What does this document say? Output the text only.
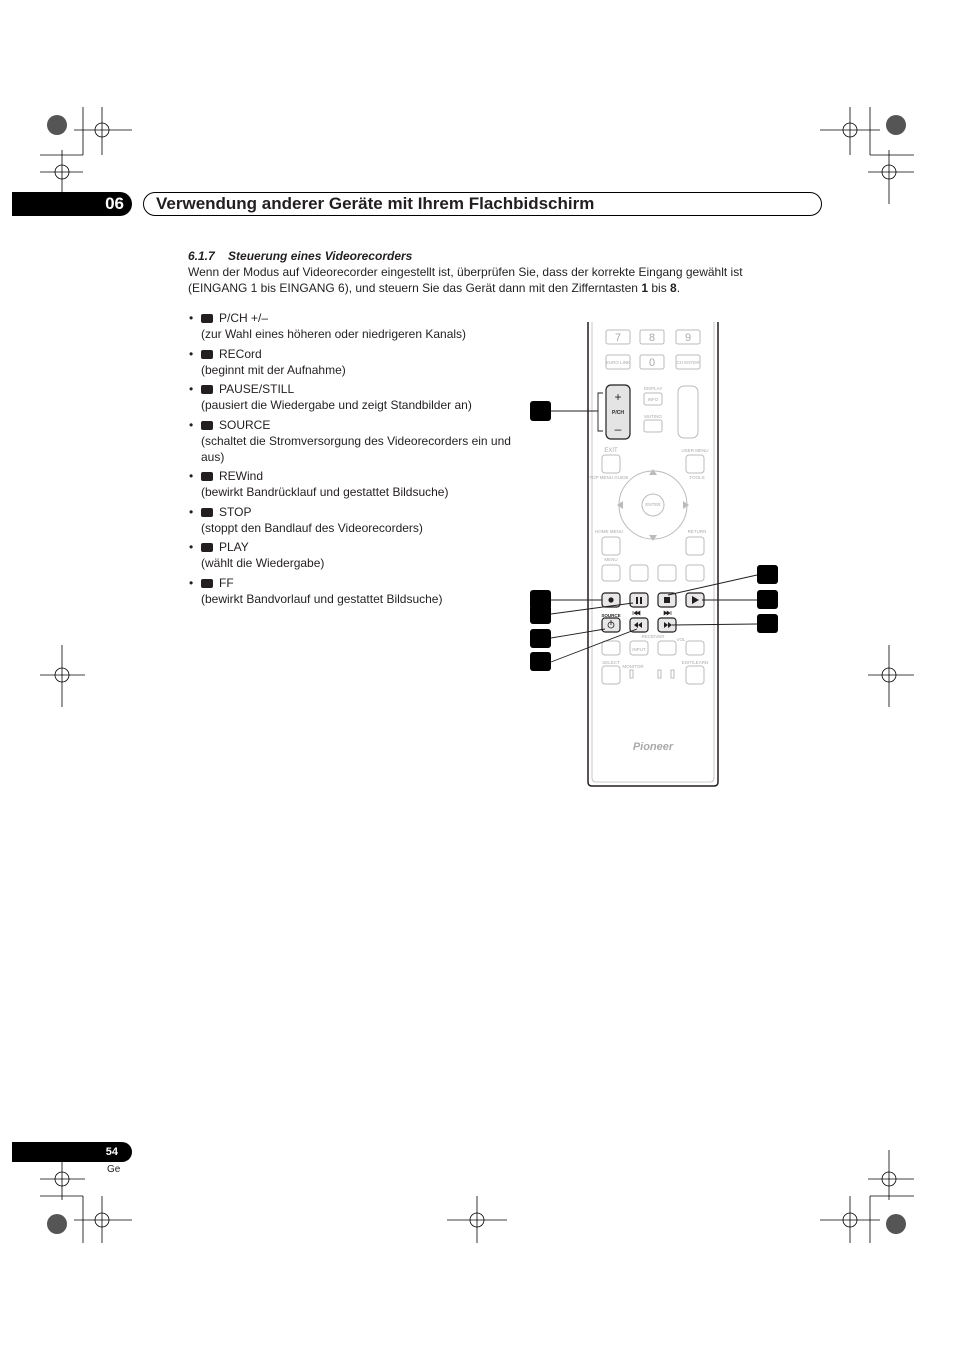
06	Verwendung anderer Geräte mit Ihrem Flachbidschirm
6.1.7 Steuerung eines Videorecorders
Wenn der Modus auf Videorecorder eingestellt ist, überprüfen Sie, dass der korrekte Eingang gewählt ist
(EINGANG 1 bis EINGANG 6), und steuern Sie das Gerät dann mit den Zifferntasten 1 bis 8.
• P/CH +/–
(zur Wahl eines höheren oder niedrigeren Kanals)
• RECord
(beginnt mit der Aufnahme)
• PAUSE/STILL
(pausiert die Wiedergabe und zeigt Standbilder an)
• SOURCE
(schaltet die Stromversorgung des Videorecorders ein und aus)
• REWind
(bewirkt Bandrücklauf und gestattet Bildsuche)
• STOP
(stoppt den Bandlauf des Videorecorders)
• PLAY
(wählt die Wiedergabe)
• FF
(bewirkt Bandvorlauf und gestattet Bildsuche)
7	8	9
0
EURO LINK	CH ENTER
DISPLAY
INFO
MUTING
EXIT	USER MENU
TOP MENU GUIDE	TOOLS
ENTER
HOME MENU	RETURN
MENU
RECEIVER
VOL
INPUT
SELECT
MONITOR
EDIT/LEARN
Pioneer
+
P/CH
–
SOURCE
54
Ge
